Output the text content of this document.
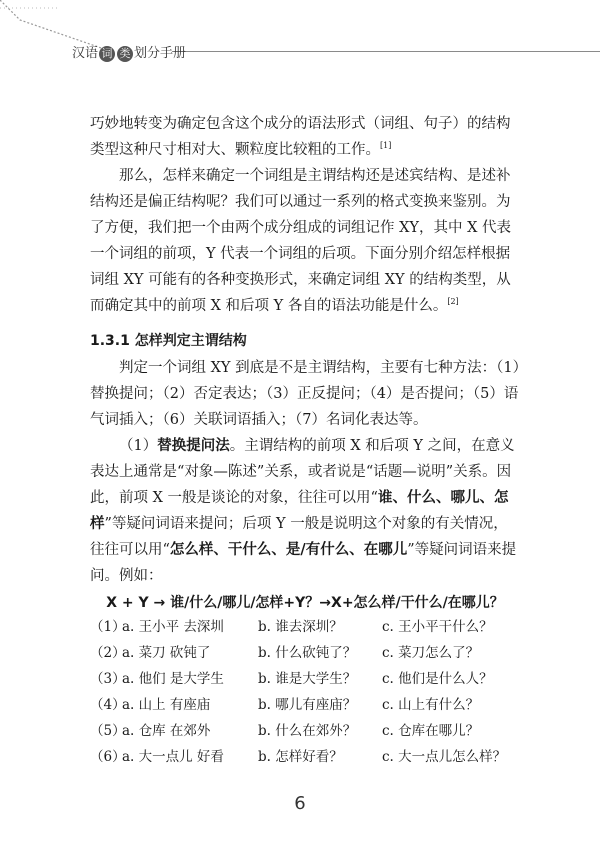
汉语 词 类 划分手册

巧妙地转变为确定包含这个成分的语法形式（词组、句子）的结构类型这种尺寸相对大、颗粒度比较粗的工作。[1]

那么，怎样来确定一个词组是主谓结构还是述宾结构、是述补结构还是偏正结构呢？我们可以通过一系列的格式变换来鉴别。为了方便，我们把一个由两个成分组成的词组记作 XY，其中 X 代表一个词组的前项，Y 代表一个词组的后项。下面分别介绍怎样根据词组 XY 可能有的各种变换形式，来确定词组 XY 的结构类型，从而确定其中的前项 X 和后项 Y 各自的语法功能是什么。[2]

1.3.1 怎样判定主谓结构

判定一个词组 XY 到底是不是主谓结构，主要有七种方法：（1）替换提问；（2）否定表达；（3）正反提问；（4）是否提问；（5）语气词插入；（6）关联词语插入；（7）名词化表达等。

（1）替换提问法。主谓结构的前项 X 和后项 Y 之间，在意义表达上通常是“对象—陈述”关系，或者说是“话题—说明”关系。因此，前项 X 一般是谈论的对象，往往可以用“谁、什么、哪儿、怎样”等疑问词语来提问；后项 Y 一般是说明这个对象的有关情况，往往可以用“怎么样、干什么、是/有什么、在哪儿”等疑问词语来提问。例如：

X + Y → 谁/什么/哪儿/怎样+Y？→X+怎么样/干什么/在哪儿？
（1）
a. 王小平 去深圳	b. 谁去深圳？	c. 王小平干什么？
（2）
a. 菜刀 砍钝了	b. 什么砍钝了？ c. 菜刀怎么了？
（3）
a. 他们 是大学生	b. 谁是大学生？ c. 他们是什么人？
（4）
a. 山上 有座庙	b. 哪儿有座庙？ c. 山上有什么？
（5）
a. 仓库 在郊外	b. 什么在郊外？ c. 仓库在哪儿？
（6）
a. 大一点儿 好看	b. 怎样好看？	c. 大一点儿怎么样？
6
